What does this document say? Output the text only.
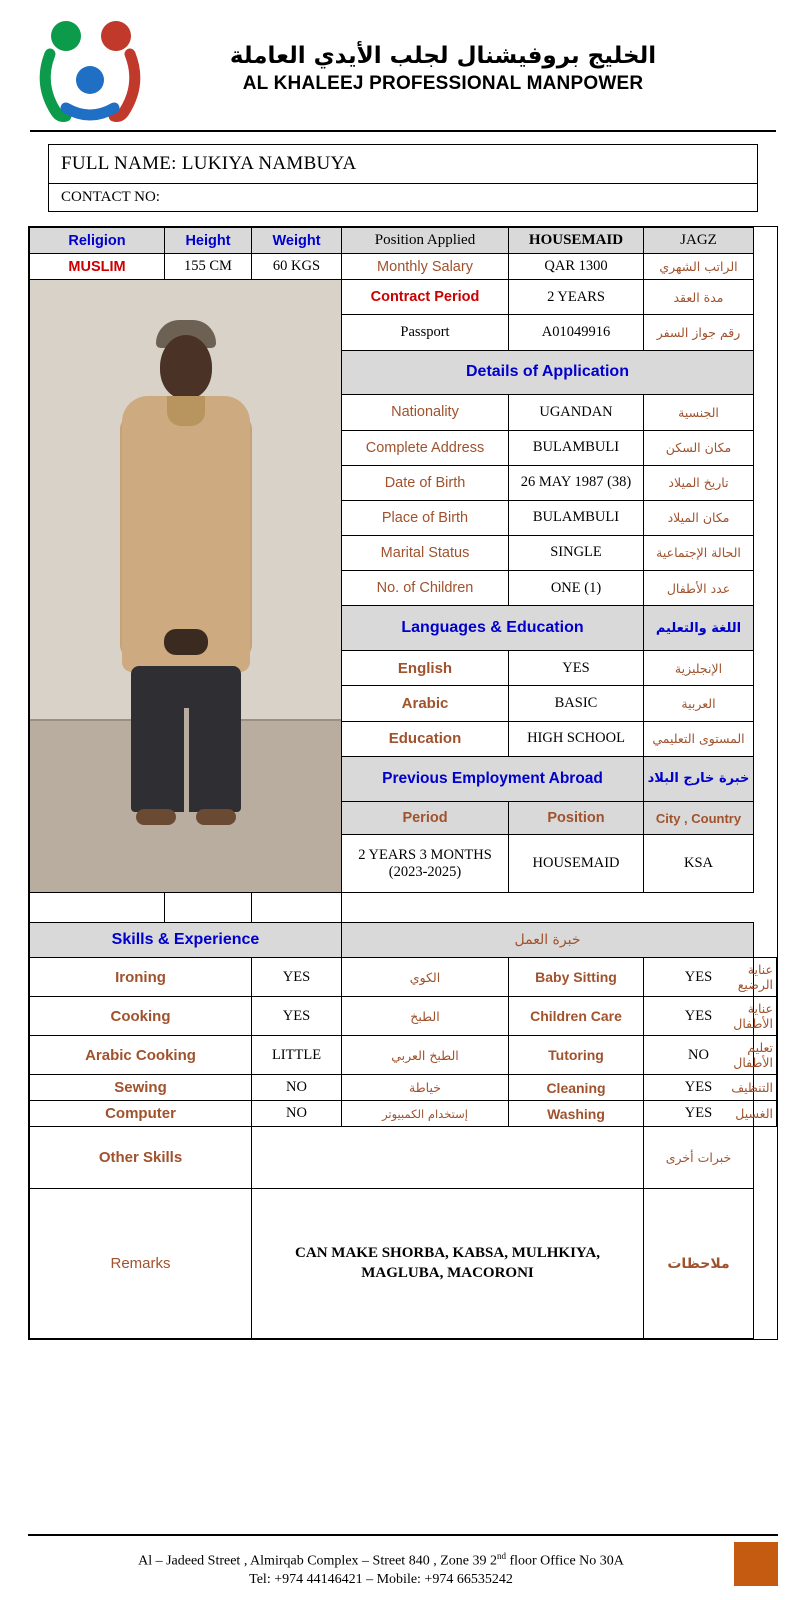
الخليج بروفيشنال لجلب الأيدي العاملة
AL KHALEEJ PROFESSIONAL MANPOWER
FULL NAME: LUKIYA NAMBUYA
CONTACT NO:
Religion	Height	Weight	Position Applied	HOUSEMAID	JAGZ	
MUSLIM	155 CM	60 KGS	Monthly Salary	QAR 1300	الراتب الشهري	

			Contract Period	2 YEARS	مدة العقد	
			Passport	A01049916	رقم جواز السفر	
			Details of Application			
			Nationality	UGANDAN	الجنسية	
			Complete Address	BULAMBULI	مكان السكن	
			Date of Birth	26 MAY 1987 (38)	تاريخ الميلاد	
			Place of Birth	BULAMBULI	مكان الميلاد	
			Marital Status	SINGLE	الحالة الإجتماعية	
			No. of Children	ONE (1)	عدد الأطفال	
			Languages & Education		اللغة والتعليم	
			English	YES	الإنجليزية	
			Arabic	BASIC	العربية	
			Education	HIGH SCHOOL	المستوى التعليمي	
			Previous Employment Abroad		خبرة خارج البلاد	
			Period	Position	City , Country	
			2 YEARS 3 MONTHS (2023-2025)	HOUSEMAID	KSA	

Skills & Experience			خبرة العمل			
Ironing		YES	الكوي	Baby Sitting	YES	عناية الرضيع
Cooking		YES	الطبخ	Children Care	YES	عناية الأطفال
Arabic Cooking		LITTLE	الطبخ العربي	Tutoring	NO	تعليم الأطفال
Sewing		NO	خياطة	Cleaning	YES	التنظيف
Computer		NO	إستخدام الكمبيوتر	Washing	YES	الغسيل
Other Skills					خبرات أخرى	
Remarks		CAN MAKE SHORBA, KABSA, MULHKIYA, MAGLUBA, MACORONI			ملاحظات	
Al – Jadeed Street , Almirqab Complex – Street 840 , Zone 39 2nd floor Office No 30A
Tel: +974 44146421 – Mobile: +974 66535242
